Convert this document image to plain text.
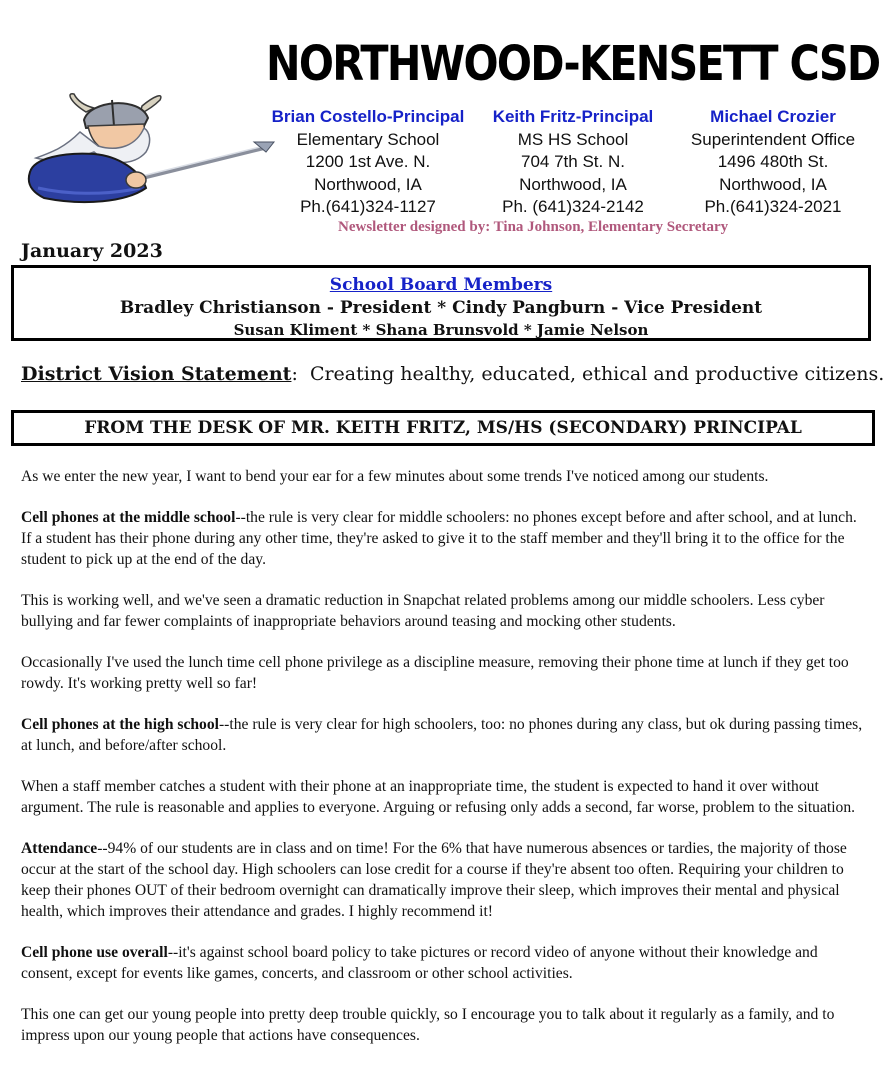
NORTHWOOD-KENSETT CSD
Brian Costello-Principal
Elementary School
1200 1st Ave. N.
Northwood, IA
Ph.(641)324-1127
Keith Fritz-Principal
MS HS School
704 7th St. N.
Northwood, IA
Ph. (641)324-2142
Michael Crozier
Superintendent Office
1496 480th St.
Northwood, IA
Ph.(641)324-2021
Newsletter designed by: Tina Johnson, Elementary Secretary
January 2023
School Board Members
Bradley Christianson - President * Cindy Pangburn - Vice President
Susan Kliment * Shana Brunsvold * Jamie Nelson
District Vision Statement:  Creating healthy, educated, ethical and productive citizens.
FROM THE DESK OF MR. KEITH FRITZ, MS/HS (SECONDARY) PRINCIPAL

As we enter the new year, I want to bend your ear for a few minutes about some trends I've noticed among our students.

Cell phones at the middle school--the rule is very clear for middle schoolers: no phones except before and after school, and at lunch. If a student has their phone during any other time, they're asked to give it to the staff member and they'll bring it to the office for the student to pick up at the end of the day.

This is working well, and we've seen a dramatic reduction in Snapchat related problems among our middle schoolers. Less cyber bullying and far fewer complaints of inappropriate behaviors around teasing and mocking other students.

Occasionally I've used the lunch time cell phone privilege as a discipline measure, removing their phone time at lunch if they get too rowdy. It's working pretty well so far!

Cell phones at the high school--the rule is very clear for high schoolers, too: no phones during any class, but ok during passing times, at lunch, and before/after school.

When a staff member catches a student with their phone at an inappropriate time, the student is expected to hand it over without argument. The rule is reasonable and applies to everyone. Arguing or refusing only adds a second, far worse, problem to the situation.

Attendance--94% of our students are in class and on time! For the 6% that have numerous absences or tardies, the majority of those occur at the start of the school day. High schoolers can lose credit for a course if they're absent too often. Requiring your children to keep their phones OUT of their bedroom overnight can dramatically improve their sleep, which improves their mental and physical health, which improves their attendance and grades. I highly recommend it!

Cell phone use overall--it's against school board policy to take pictures or record video of anyone without their knowledge and consent, except for events like games, concerts, and classroom or other school activities.

This one can get our young people into pretty deep trouble quickly, so I encourage you to talk about it regularly as a family, and to impress upon our young people that actions have consequences.
